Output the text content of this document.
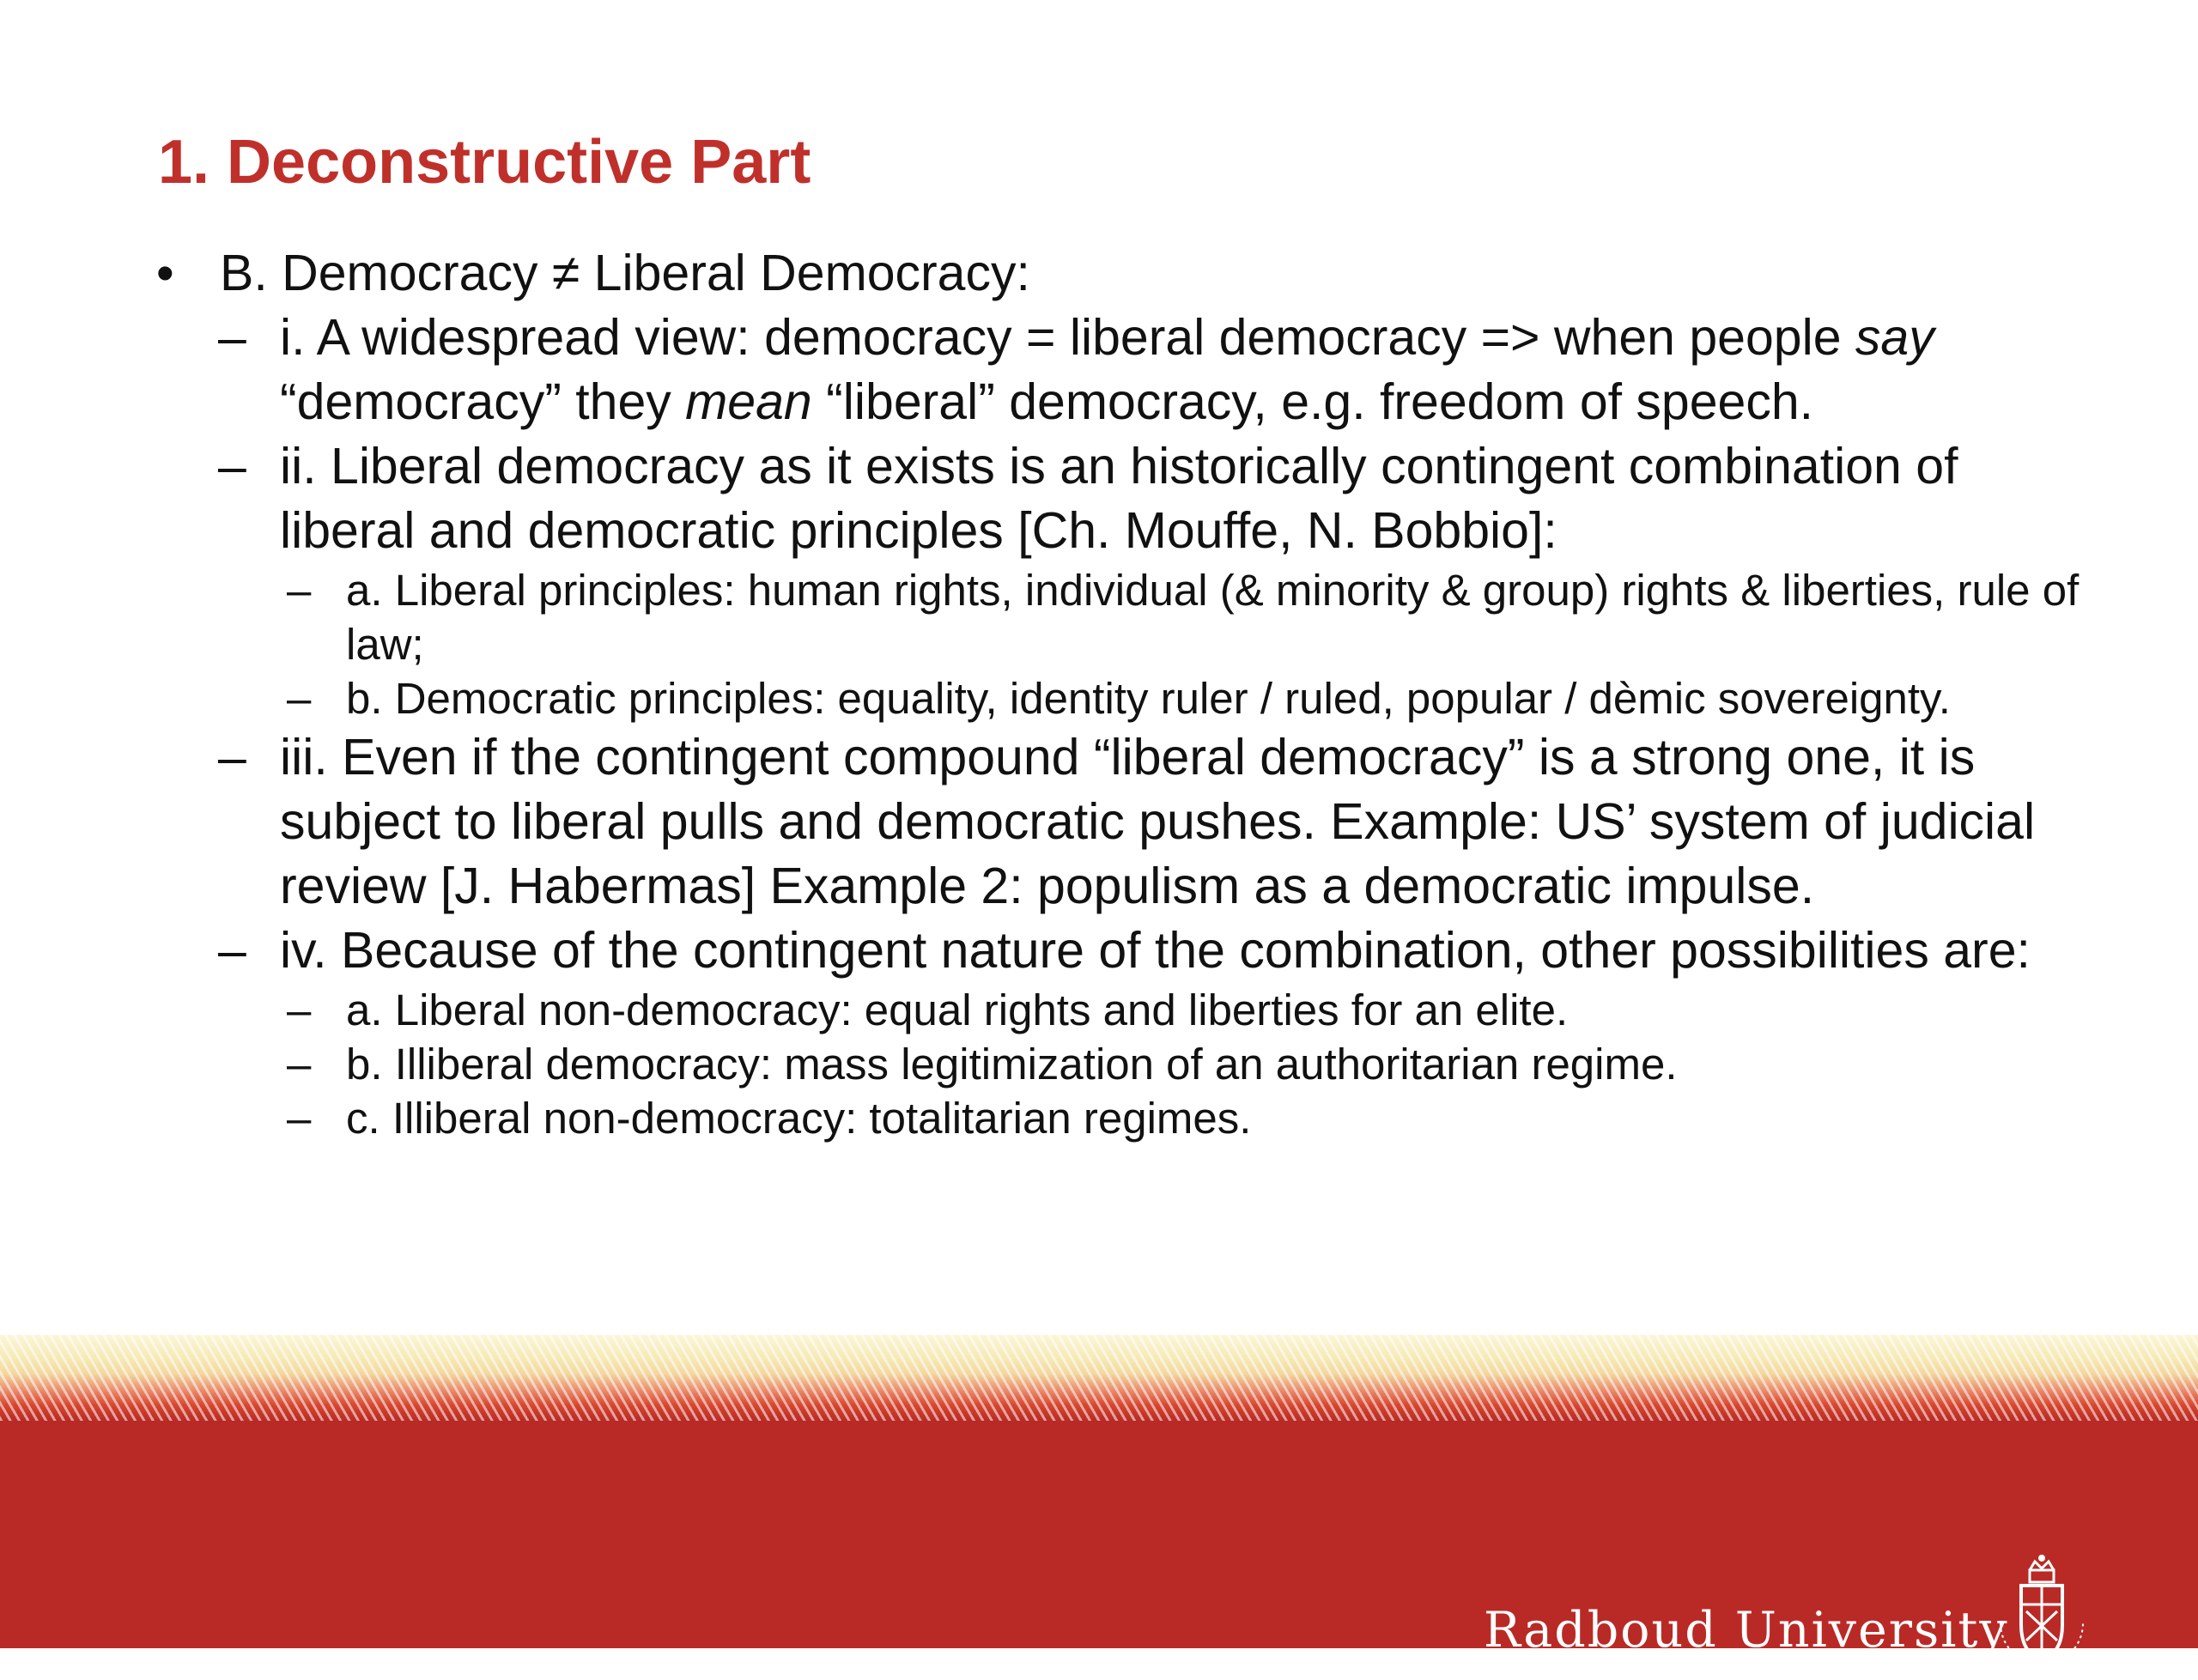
1. Deconstructive Part

• B. Democracy ≠ Liberal Democracy:

– i. A widespread view: democracy = liberal democracy => when people say “democracy” they mean “liberal” democracy, e.g. freedom of speech.

– ii. Liberal democracy as it exists is an historically contingent combination of liberal and democratic principles [Ch. Mouffe, N. Bobbio]:

– a. Liberal principles: human rights, individual (& minority & group) rights & liberties, rule of law;

– b. Democratic principles: equality, identity ruler / ruled, popular / dèmic sovereignty.

– iii. Even if the contingent compound “liberal democracy” is a strong one, it is subject to liberal pulls and democratic pushes. Example: US’ system of judicial review [J. Habermas] Example 2: populism as a democratic impulse.

– iv. Because of the contingent nature of the combination, other possibilities are:

– a. Liberal non-democracy: equal rights and liberties for an elite.

– b. Illiberal democracy: mass legitimization of an authoritarian regime.

– c. Illiberal non-democracy: totalitarian regimes.

Radboud University
